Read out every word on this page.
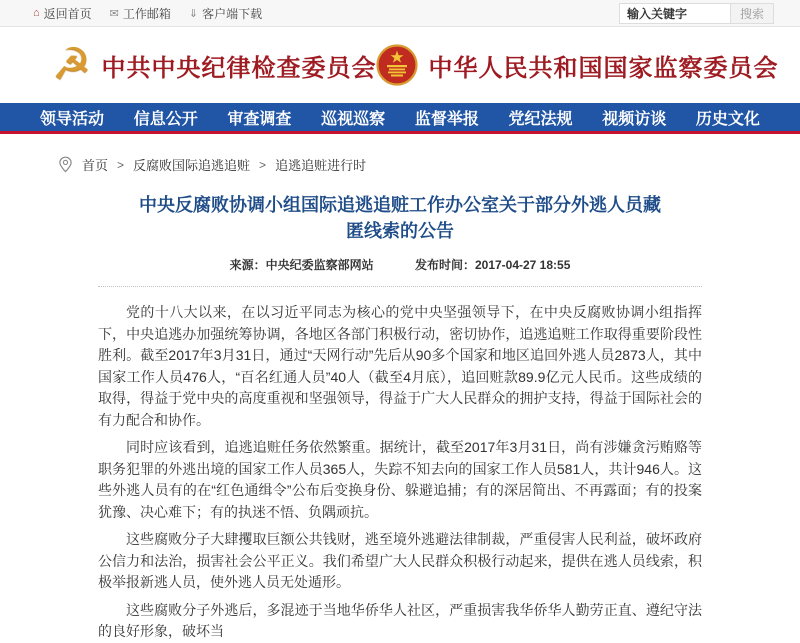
⌂ 返回首页 ✉ 工作邮箱 ⇓ 客户端下载
输入关键字	搜索
☭ 中共中央纪律检查委员会 中华人民共和国国家监察委员会
领导活动 信息公开 审查调查 巡视巡察 监督举报 党纪法规 视频访谈 历史文化
首页 > 反腐败国际追逃追赃 > 追逃追赃进行时
中央反腐败协调小组国际追逃追赃工作办公室关于部分外逃人员藏匿线索的公告
来源：中央纪委监察部网站	发布时间：2017-04-27 18:55

党的十八大以来，在以习近平同志为核心的党中央坚强领导下，在中央反腐败协调小组指挥下，中央追逃办加强统筹协调，各地区各部门积极行动，密切协作，追逃追赃工作取得重要阶段性胜利。截至2017年3月31日，通过“天网行动”先后从90多个国家和地区追回外逃人员2873人，其中国家工作人员476人，“百名红通人员”40人（截至4月底），追回赃款89.9亿元人民币。这些成绩的取得，得益于党中央的高度重视和坚强领导，得益于广大人民群众的拥护支持，得益于国际社会的有力配合和协作。

同时应该看到，追逃追赃任务依然繁重。据统计，截至2017年3月31日，尚有涉嫌贪污贿赂等职务犯罪的外逃出境的国家工作人员365人，失踪不知去向的国家工作人员581人，共计946人。这些外逃人员有的在“红色通缉令”公布后变换身份、躲避追捕；有的深居简出、不再露面；有的投案犹豫、决心难下；有的执迷不悟、负隅顽抗。

这些腐败分子大肆攫取巨额公共钱财，逃至境外逃避法律制裁，严重侵害人民利益，破坏政府公信力和法治，损害社会公平正义。我们希望广大人民群众积极行动起来，提供在逃人员线索，积极举报新逃人员，使外逃人员无处遁形。

这些腐败分子外逃后，多混迹于当地华侨华人社区，严重损害我华侨华人勤劳正直、遵纪守法的良好形象，破坏当
